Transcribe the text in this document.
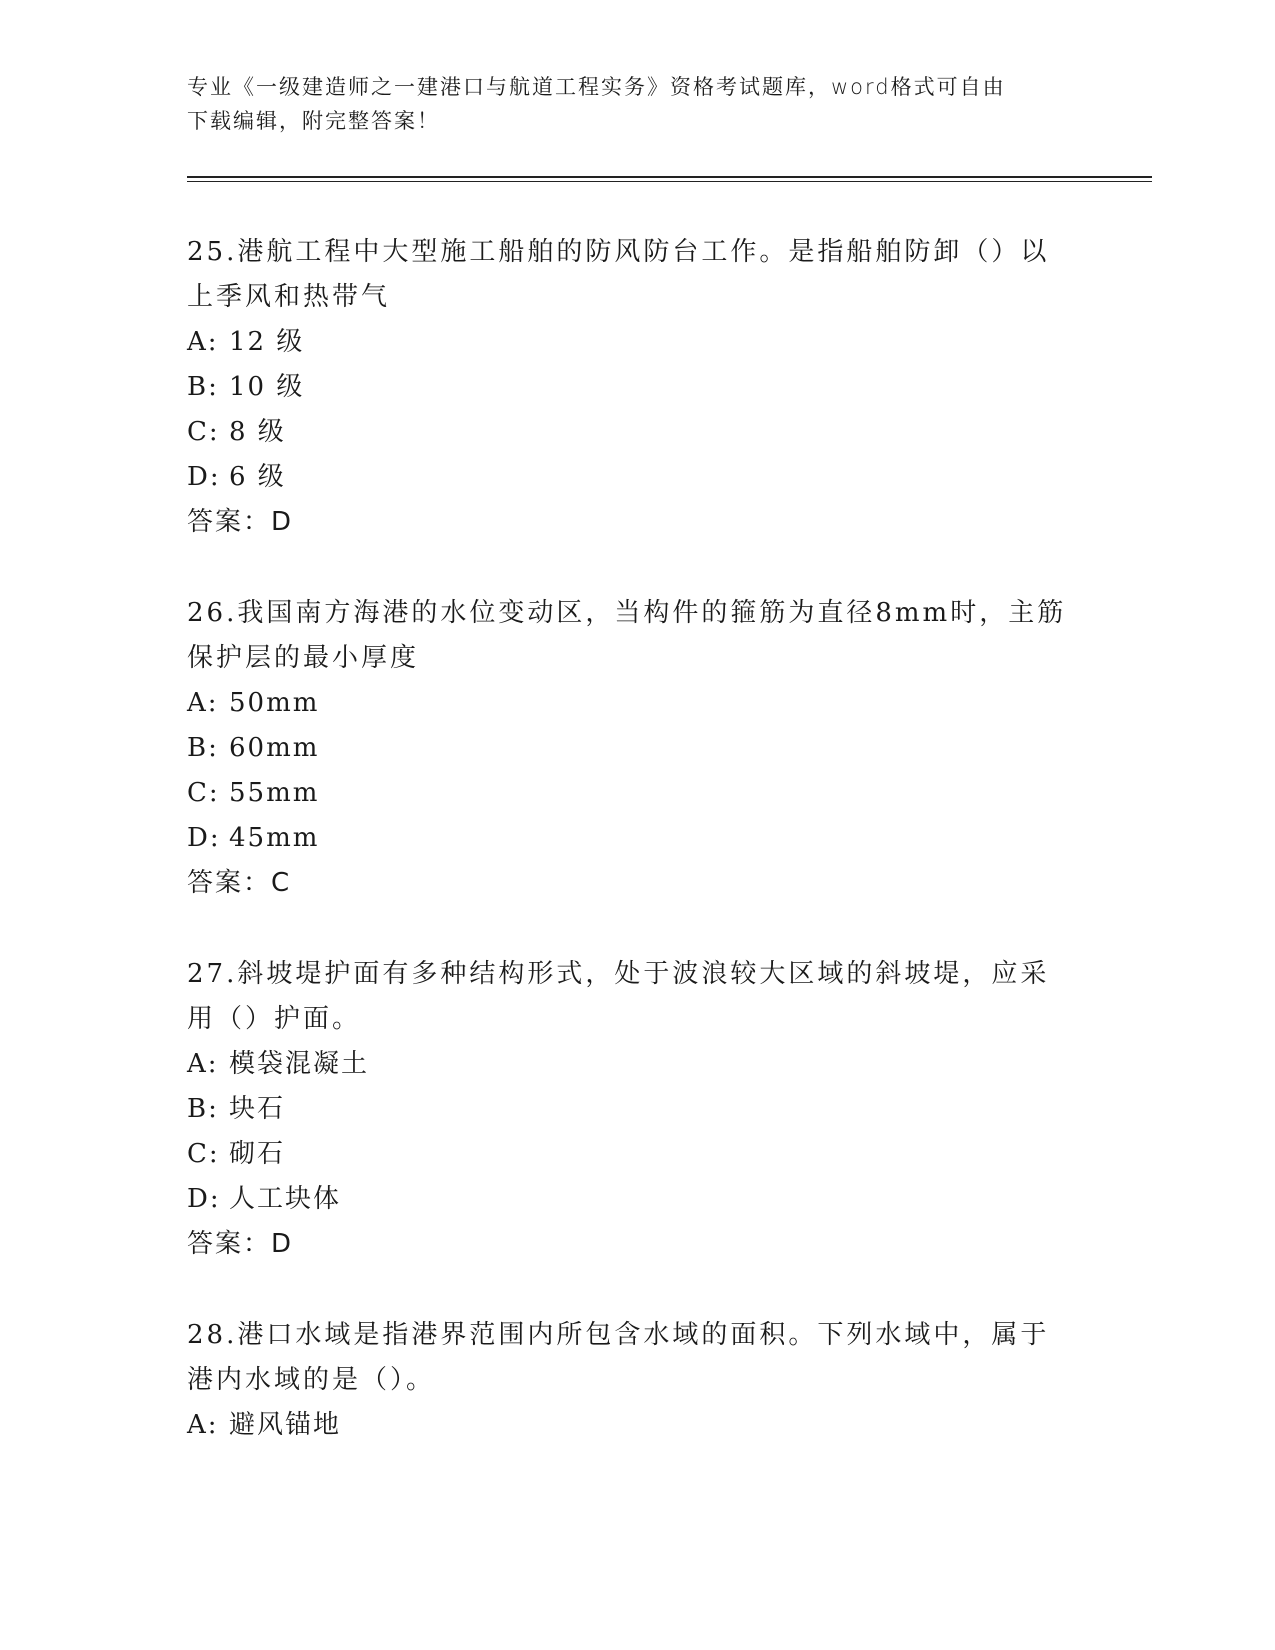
专业《一级建造师之一建港口与航道工程实务》资格考试题库，word格式可自由
下载编辑，附完整答案！
25.港航工程中大型施工船舶的防风防台工作。是指船舶防卸（）以上季风和热带气
A: 12 级
B: 10 级
C: 8 级
D: 6 级
答案：D
26.我国南方海港的水位变动区，当构件的箍筋为直径8mm时，主筋保护层的最小厚度
A: 50mm
B: 60mm
C: 55mm
D: 45mm
答案：C
27.斜坡堤护面有多种结构形式，处于波浪较大区域的斜坡堤，应采用（）护面。
A: 模袋混凝土
B: 块石
C: 砌石
D: 人工块体
答案：D
28.港口水域是指港界范围内所包含水域的面积。下列水域中，属于港内水域的是（）。
A: 避风锚地
